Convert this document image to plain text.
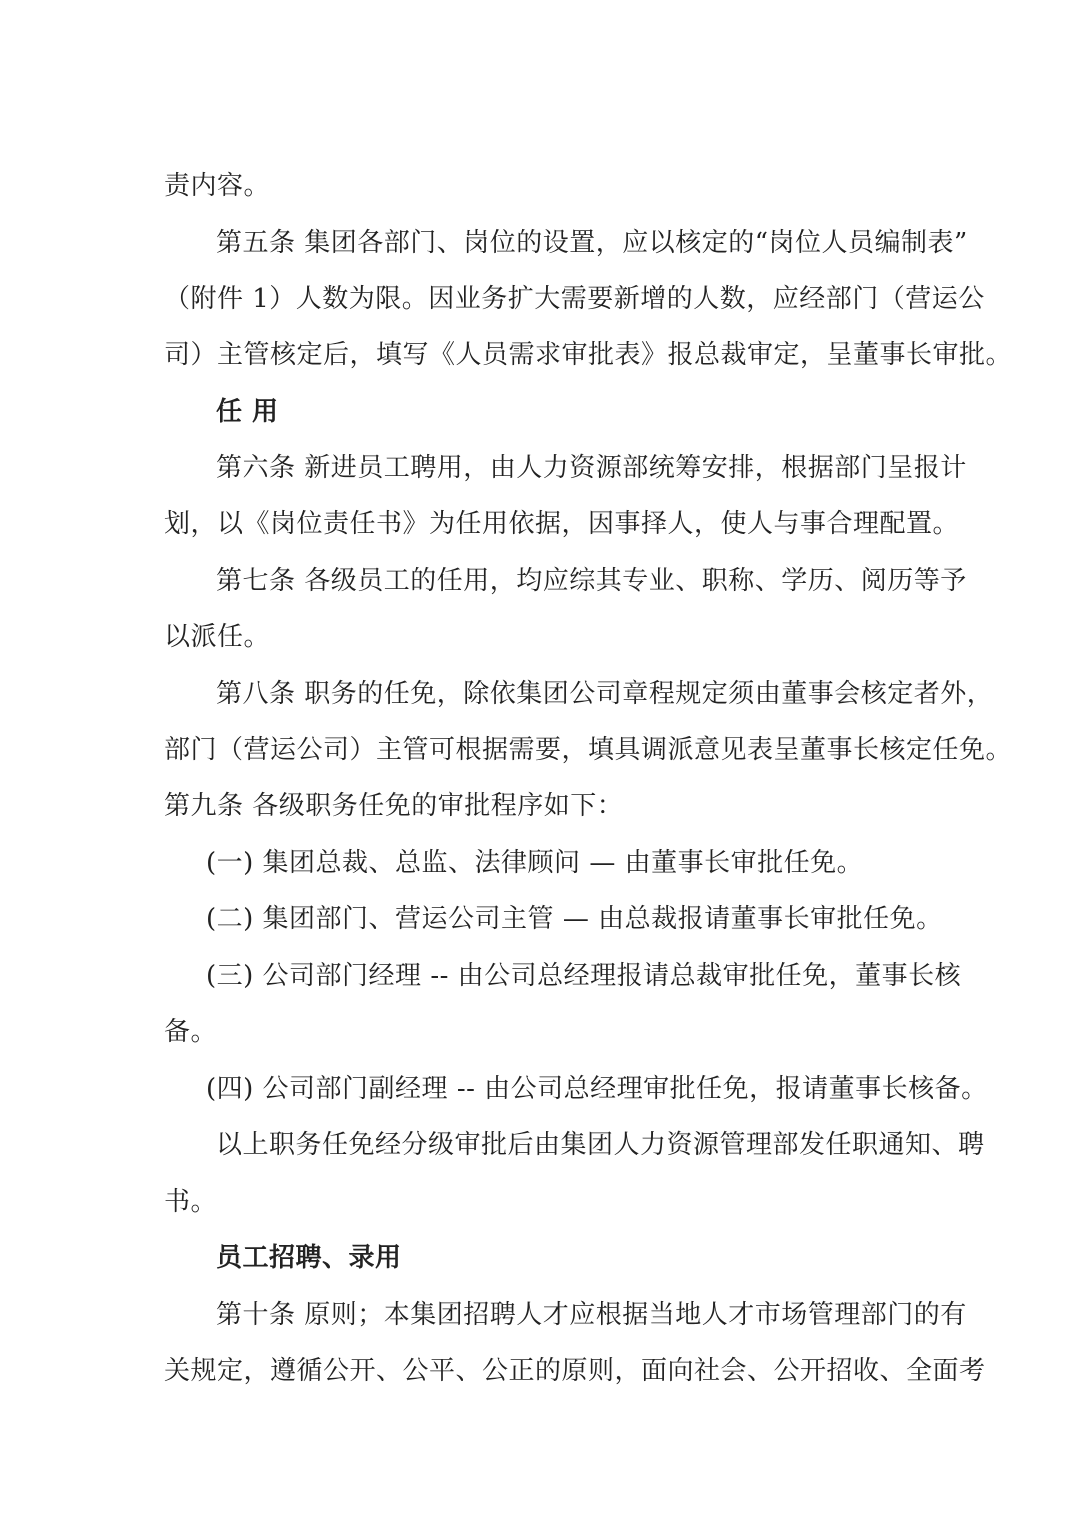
责内容。
第五条 集团各部门、岗位的设置，应以核定的“岗位人员编制表”
（附件 1）人数为限。因业务扩大需要新增的人数，应经部门（营运公
司）主管核定后，填写《人员需求审批表》报总裁审定，呈董事长审批。
任 用
第六条 新进员工聘用，由人力资源部统筹安排，根据部门呈报计
划，以《岗位责任书》为任用依据，因事择人，使人与事合理配置。
第七条 各级员工的任用，均应综其专业、职称、学历、阅历等予
以派任。
第八条 职务的任免，除依集团公司章程规定须由董事会核定者外，
部门（营运公司）主管可根据需要，填具调派意见表呈董事长核定任免。
第九条 各级职务任免的审批程序如下：
(一) 集团总裁、总监、法律顾问 — 由董事长审批任免。
(二) 集团部门、营运公司主管 — 由总裁报请董事长审批任免。
(三) 公司部门经理 -- 由公司总经理报请总裁审批任免，董事长核
备。
(四) 公司部门副经理 -- 由公司总经理审批任免，报请董事长核备。
以上职务任免经分级审批后由集团人力资源管理部发任职通知、聘
书。
员工招聘、录用
第十条 原则；本集团招聘人才应根据当地人才市场管理部门的有
关规定，遵循公开、公平、公正的原则，面向社会、公开招收、全面考
